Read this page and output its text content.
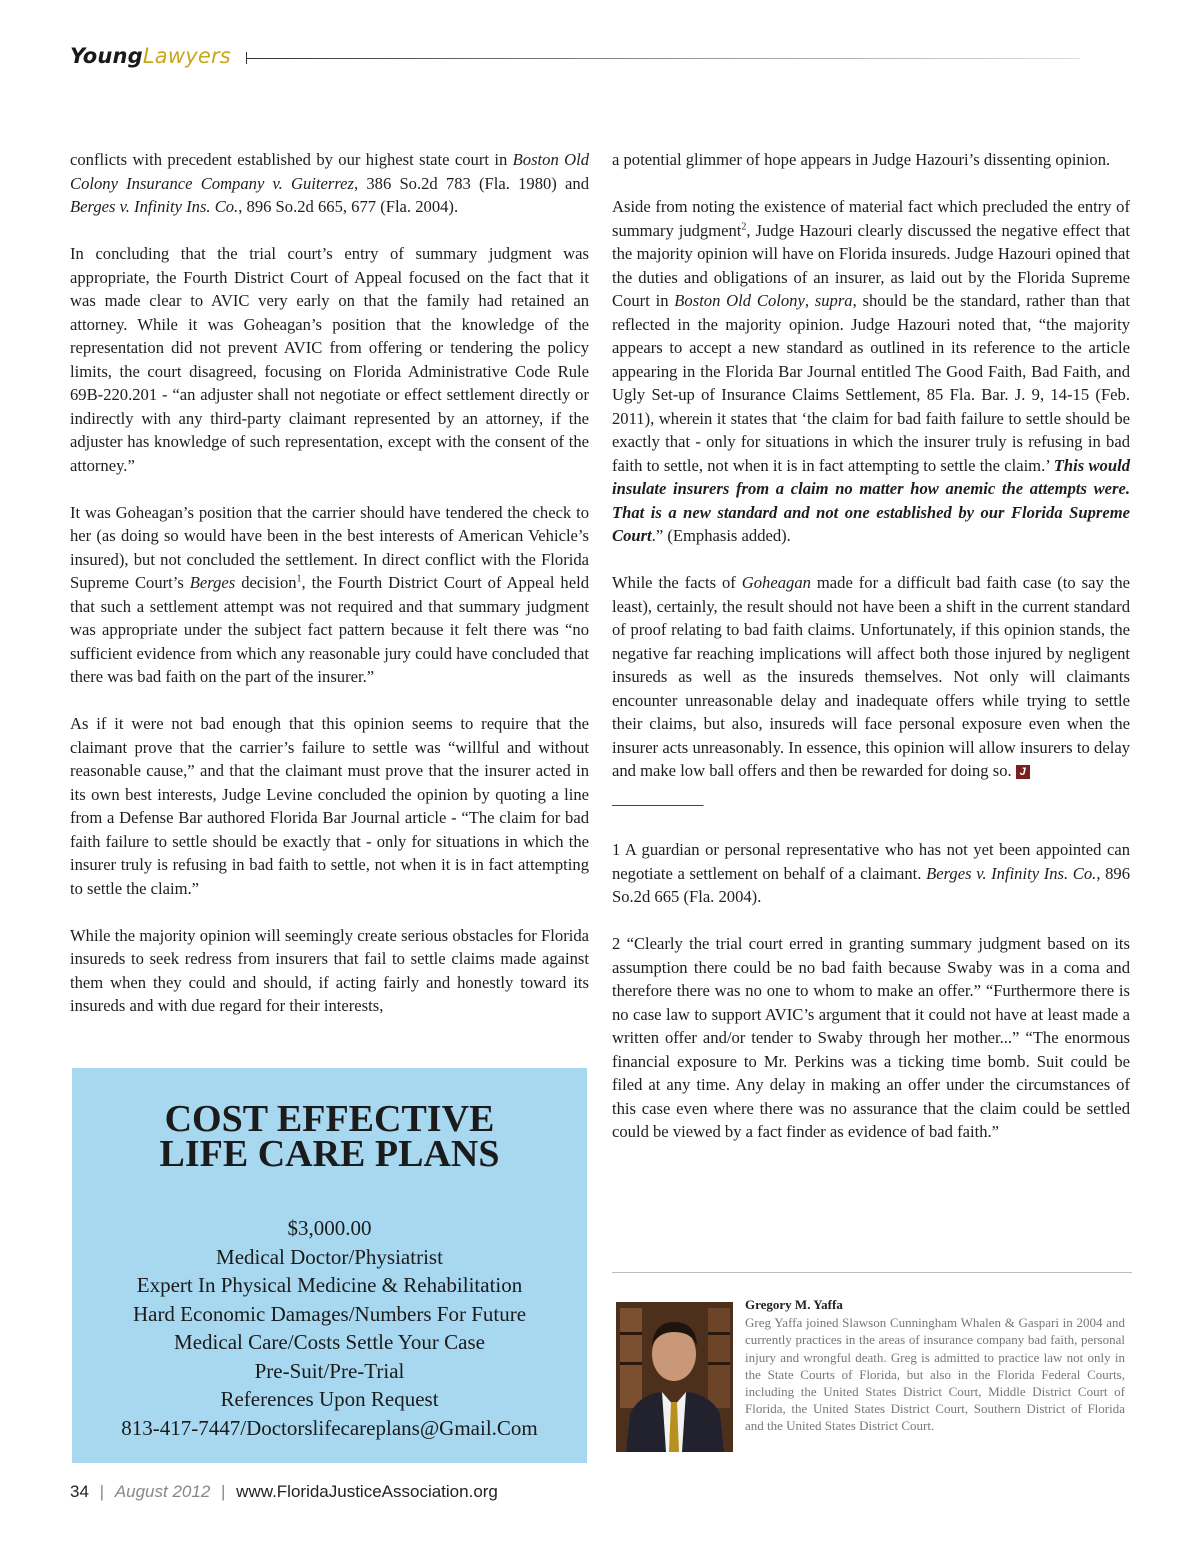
YoungLawyers

conflicts with precedent established by our highest state court in Boston Old Colony Insurance Company v. Guiterrez, 386 So.2d 783 (Fla. 1980) and Berges v. Infinity Ins. Co., 896 So.2d 665, 677 (Fla. 2004).

In concluding that the trial court’s entry of summary judgment was appropriate, the Fourth District Court of Appeal focused on the fact that it was made clear to AVIC very early on that the family had retained an attorney. While it was Goheagan’s position that the knowledge of the representation did not prevent AVIC from offering or tendering the policy limits, the court disagreed, focusing on Florida Administrative Code Rule 69B-220.201 - “an adjuster shall not negotiate or effect settlement directly or indirectly with any third-party claimant represented by an attorney, if the adjuster has knowledge of such representation, except with the consent of the attorney.”

It was Goheagan’s position that the carrier should have tendered the check to her (as doing so would have been in the best interests of American Vehicle’s insured), but not concluded the settlement. In direct conflict with the Florida Supreme Court’s Berges decision$^1$, the Fourth District Court of Appeal held that such a settlement attempt was not required and that summary judgment was appropriate under the subject fact pattern because it felt there was “no sufficient evidence from which any reasonable jury could have concluded that there was bad faith on the part of the insurer.”

As if it were not bad enough that this opinion seems to require that the claimant prove that the carrier’s failure to settle was “willful and without reasonable cause,” and that the claimant must prove that the insurer acted in its own best interests, Judge Levine concluded the opinion by quoting a line from a Defense Bar authored Florida Bar Journal article - “The claim for bad faith failure to settle should be exactly that - only for situations in which the insurer truly is refusing in bad faith to settle, not when it is in fact attempting to settle the claim.”

While the majority opinion will seemingly create serious obstacles for Florida insureds to seek redress from insurers that fail to settle claims made against them when they could and should, if acting fairly and honestly toward its insureds and with due regard for their interests,

a potential glimmer of hope appears in Judge Hazouri’s dissenting opinion.

Aside from noting the existence of material fact which precluded the entry of summary judgment$^2$, Judge Hazouri clearly discussed the negative effect that the majority opinion will have on Florida insureds. Judge Hazouri opined that the duties and obligations of an insurer, as laid out by the Florida Supreme Court in Boston Old Colony, supra, should be the standard, rather than that reflected in the majority opinion. Judge Hazouri noted that, “the majority appears to accept a new standard as outlined in its reference to the article appearing in the Florida Bar Journal entitled The Good Faith, Bad Faith, and Ugly Set-up of Insurance Claims Settlement, 85 Fla. Bar. J. 9, 14-15 (Feb. 2011), wherein it states that ‘the claim for bad faith failure to settle should be exactly that - only for situations in which the insurer truly is refusing in bad faith to settle, not when it is in fact attempting to settle the claim.’ This would insulate insurers from a claim no matter how anemic the attempts were. That is a new standard and not one established by our Florida Supreme Court.” (Emphasis added).

While the facts of Goheagan made for a difficult bad faith case (to say the least), certainly, the result should not have been a shift in the current standard of proof relating to bad faith claims. Unfortunately, if this opinion stands, the negative far reaching implications will affect both those injured by negligent insureds as well as the insureds themselves. Not only will claimants encounter unreasonable delay and inadequate offers while trying to settle their claims, but also, insureds will face personal exposure even when the insurer acts unreasonably. In essence, this opinion will allow insurers to delay and make low ball offers and then be rewarded for doing so. J

___________

1 A guardian or personal representative who has not yet been appointed can negotiate a settlement on behalf of a claimant. Berges v. Infinity Ins. Co., 896 So.2d 665 (Fla. 2004).

2 “Clearly the trial court erred in granting summary judgment based on its assumption there could be no bad faith because Swaby was in a coma and therefore there was no one to whom to make an offer.” “Furthermore there is no case law to support AVIC’s argument that it could not have at least made a written offer and/or tender to Swaby through her mother...” “The enormous financial exposure to Mr. Perkins was a ticking time bomb. Suit could be filed at any time. Any delay in making an offer under the circumstances of this case even where there was no assurance that the claim could be settled could be viewed by a fact finder as evidence of bad faith.”

COST EFFECTIVE
LIFE CARE PLANS
$3,000.00
Medical Doctor/Physiatrist
Expert In Physical Medicine & Rehabilitation
Hard Economic Damages/Numbers For Future
Medical Care/Costs Settle Your Case
Pre-Suit/Pre-Trial
References Upon Request
813-417-7447/Doctorslifecareplans@Gmail.Com
Gregory M. Yaffa
Greg Yaffa joined Slawson Cunningham Whalen & Gaspari in 2004 and currently practices in the areas of insurance company bad faith, personal injury and wrongful death. Greg is admitted to practice law not only in the State Courts of Florida, but also in the Florida Federal Courts, including the United States District Court, Middle District Court of Florida, the United States District Court, Southern District of Florida and the United States District Court.
34 | August 2012 | www.FloridaJusticeAssociation.org
